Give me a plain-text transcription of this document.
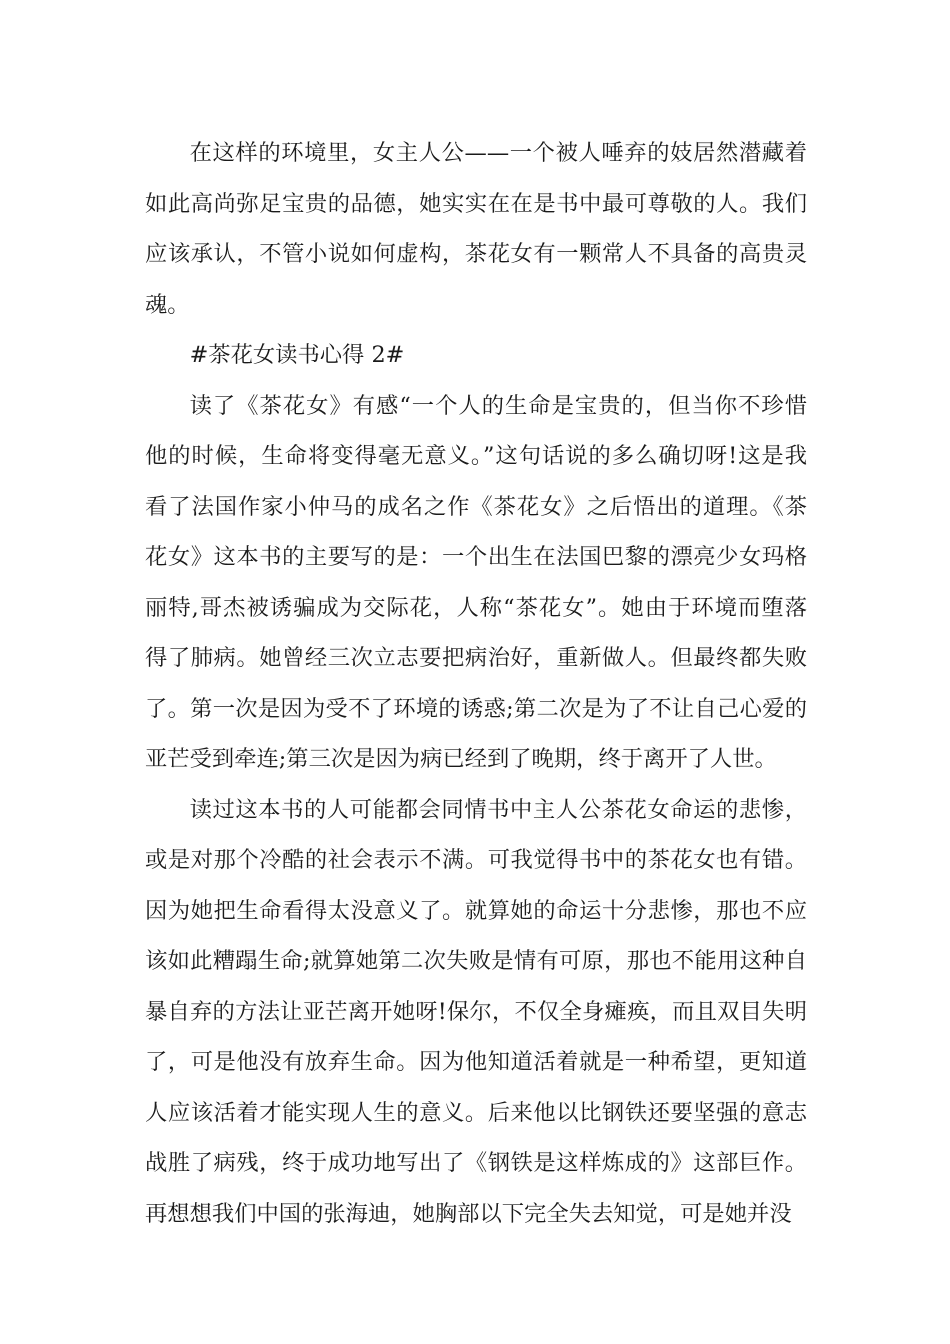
在这样的环境里，女主人公——一个被人唾弃的妓居然潜藏着
如此高尚弥足宝贵的品德，她实实在在是书中最可尊敬的人。我们
应该承认，不管小说如何虚构，茶花女有一颗常人不具备的高贵灵
魂。
#茶花女读书心得 2#
读了《茶花女》有感“一个人的生命是宝贵的，但当你不珍惜
他的时候，生命将变得毫无意义。”这句话说的多么确切呀!这是我
看了法国作家小仲马的成名之作《茶花女》之后悟出的道理。《茶
花女》这本书的主要写的是：一个出生在法国巴黎的漂亮少女玛格
丽特,哥杰被诱骗成为交际花，人称“茶花女”。她由于环境而堕落
得了肺病。她曾经三次立志要把病治好，重新做人。但最终都失败
了。第一次是因为受不了环境的诱惑;第二次是为了不让自己心爱的
亚芒受到牵连;第三次是因为病已经到了晚期，终于离开了人世。
读过这本书的人可能都会同情书中主人公茶花女命运的悲惨，
或是对那个冷酷的社会表示不满。可我觉得书中的茶花女也有错。
因为她把生命看得太没意义了。就算她的命运十分悲惨，那也不应
该如此糟蹋生命;就算她第二次失败是情有可原，那也不能用这种自
暴自弃的方法让亚芒离开她呀!保尔，不仅全身瘫痪，而且双目失明
了，可是他没有放弃生命。因为他知道活着就是一种希望，更知道
人应该活着才能实现人生的意义。后来他以比钢铁还要坚强的意志
战胜了病残，终于成功地写出了《钢铁是这样炼成的》这部巨作。
再想想我们中国的张海迪，她胸部以下完全失去知觉，可是她并没
